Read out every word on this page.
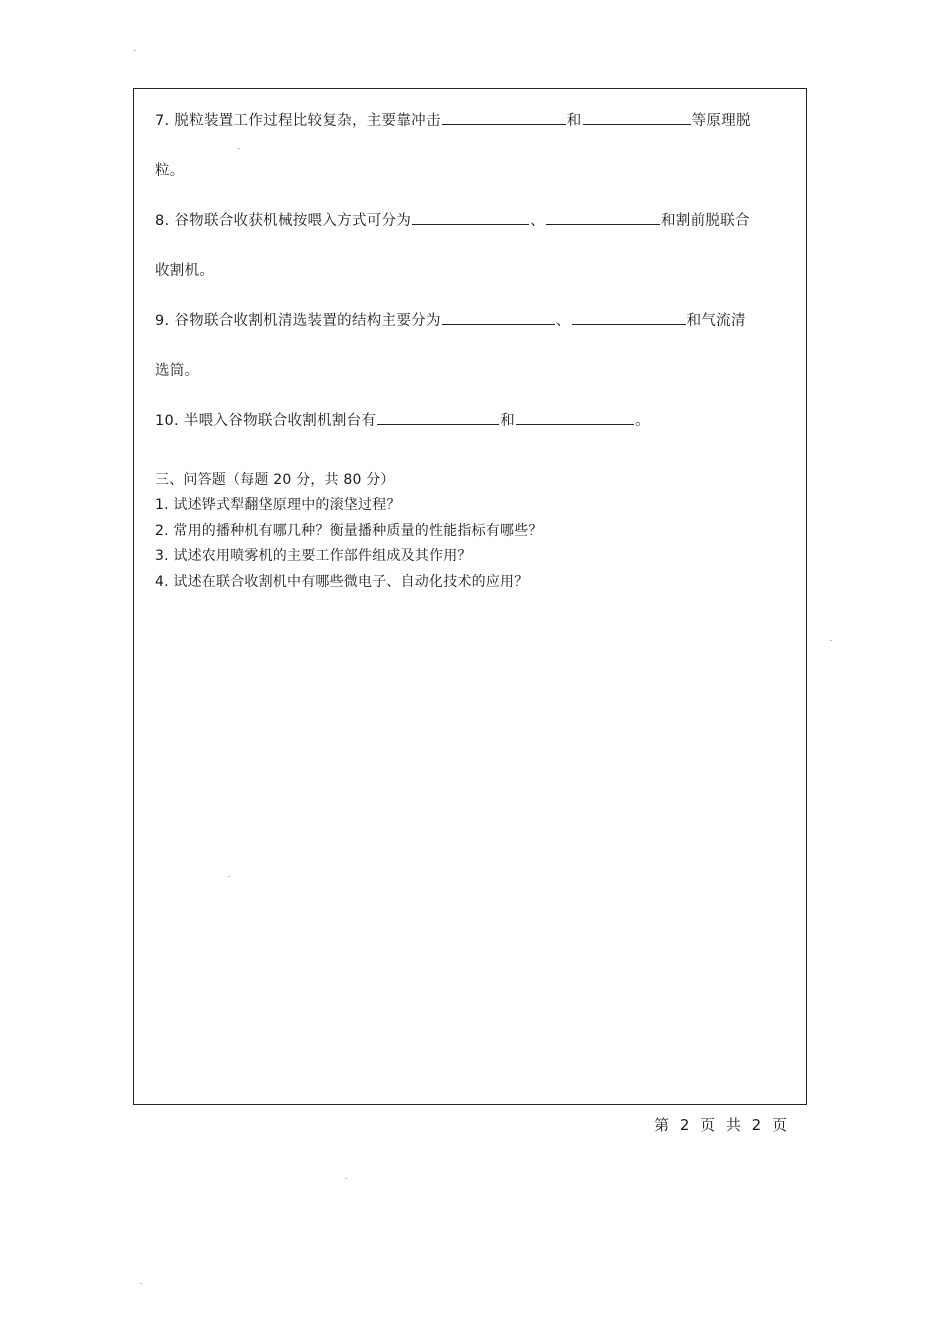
7. 脱粒装置工作过程比较复杂，主要靠冲击	和	等原理脱
粒。
8. 谷物联合收获机械按喂入方式可分为	、	和割前脱联合
收割机。
9. 谷物联合收割机清选装置的结构主要分为	、	和气流清
选筒。
10. 半喂入谷物联合收割机割台有	和	。
三、问答题（每题 20 分，共 80 分）
1. 试述铧式犁翻垡原理中的滚垡过程？
2. 常用的播种机有哪几种？衡量播种质量的性能指标有哪些？
3. 试述农用喷雾机的主要工作部件组成及其作用？
4. 试述在联合收割机中有哪些微电子、自动化技术的应用？
第 2 页 共 2 页
